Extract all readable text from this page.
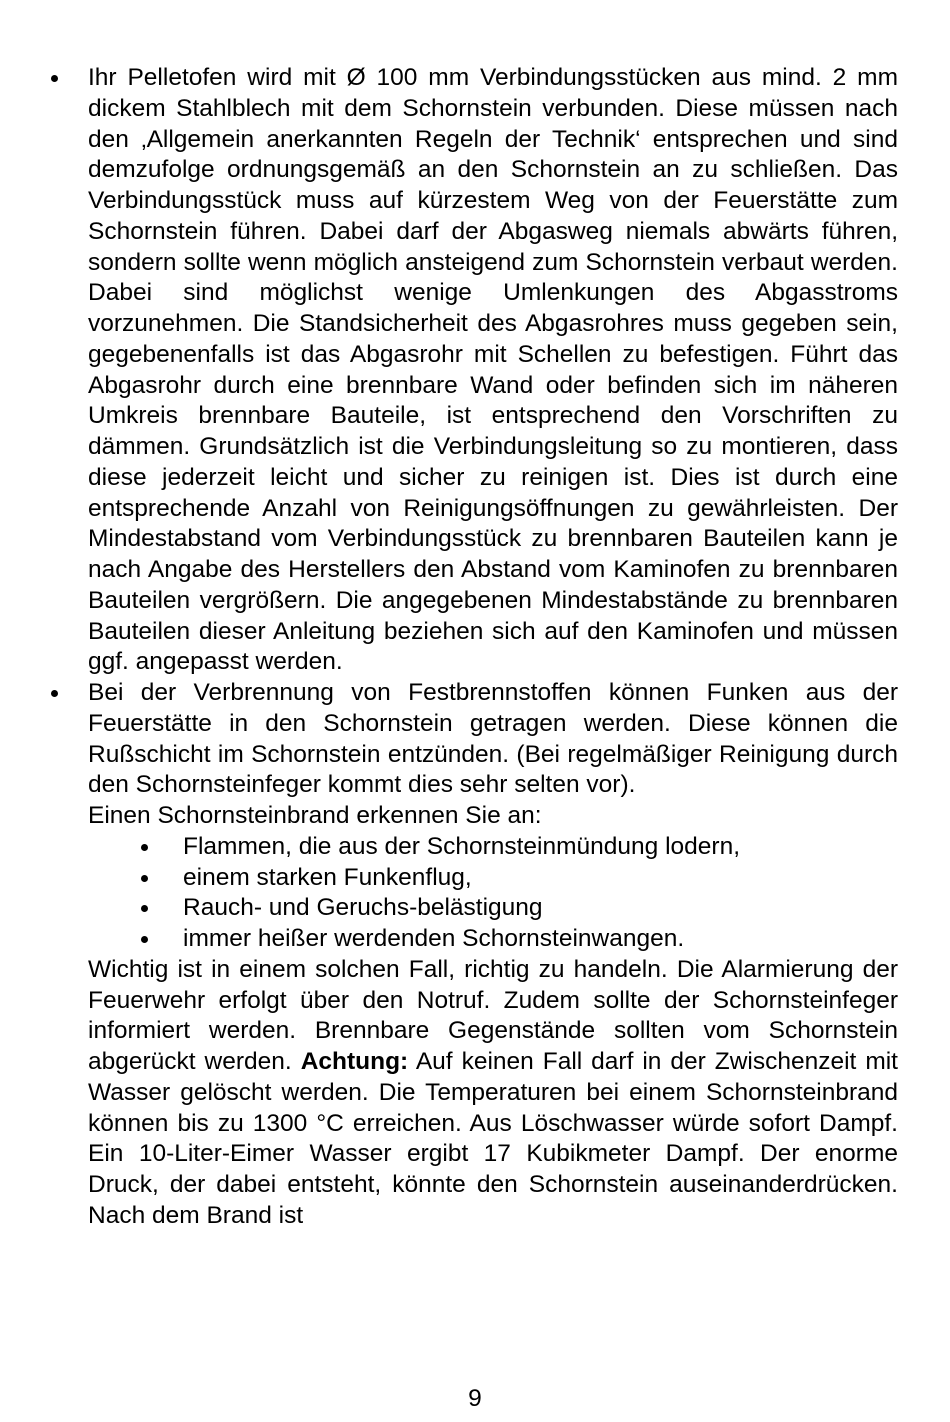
Ihr Pelletofen wird mit Ø 100 mm Verbindungsstücken aus mind. 2 mm dickem Stahlblech mit dem Schornstein verbunden. Diese müssen nach den ‚Allgemein anerkannten Regeln der Technik‘ entsprechen und sind demzufolge ordnungsgemäß an den Schornstein an zu schließen. Das Verbindungsstück muss auf kürzestem Weg von der Feuerstätte zum Schornstein führen. Dabei darf der Abgasweg niemals abwärts führen, sondern sollte wenn möglich ansteigend zum Schornstein verbaut werden. Dabei sind möglichst wenige Umlenkungen des Abgasstroms vorzunehmen. Die Standsicherheit des Abgasrohres muss gegeben sein, gegebenenfalls ist das Abgasrohr mit Schellen zu befestigen. Führt das Abgasrohr durch eine brennbare Wand oder befinden sich im näheren Umkreis brennbare Bauteile, ist entsprechend den Vorschriften zu dämmen. Grundsätzlich ist die Verbindungsleitung so zu montieren, dass diese jederzeit leicht und sicher zu reinigen ist. Dies ist durch eine entsprechende Anzahl von Reinigungsöffnungen zu gewährleisten. Der Mindestabstand vom Verbindungsstück zu brennbaren Bauteilen kann je nach Angabe des Herstellers den Abstand vom Kaminofen zu brennbaren Bauteilen vergrößern. Die angegebenen Mindestabstände zu brennbaren Bauteilen dieser Anleitung beziehen sich auf den Kaminofen und müssen ggf. angepasst werden.

Bei der Verbrennung von Festbrennstoffen können Funken aus der Feuerstätte in den Schornstein getragen werden. Diese können die Rußschicht im Schornstein entzünden. (Bei regelmäßiger Reinigung durch den Schornsteinfeger kommt dies sehr selten vor).

Einen Schornsteinbrand erkennen Sie an:

Flammen, die aus der Schornsteinmündung lodern,
einem starken Funkenflug,
Rauch- und Geruchs-belästigung
immer heißer werdenden Schornsteinwangen.

Wichtig ist in einem solchen Fall, richtig zu handeln. Die Alarmierung der Feuerwehr erfolgt über den Notruf. Zudem sollte der Schornsteinfeger informiert werden. Brennbare Gegenstände sollten vom Schornstein abgerückt werden. Achtung: Auf keinen Fall darf in der Zwischenzeit mit Wasser gelöscht werden. Die Temperaturen bei einem Schornsteinbrand können bis zu 1300 °C erreichen. Aus Löschwasser würde sofort Dampf. Ein 10-Liter-Eimer Wasser ergibt 17 Kubikmeter Dampf. Der enorme Druck, der dabei entsteht, könnte den Schornstein auseinanderdrücken. Nach dem Brand ist

9
